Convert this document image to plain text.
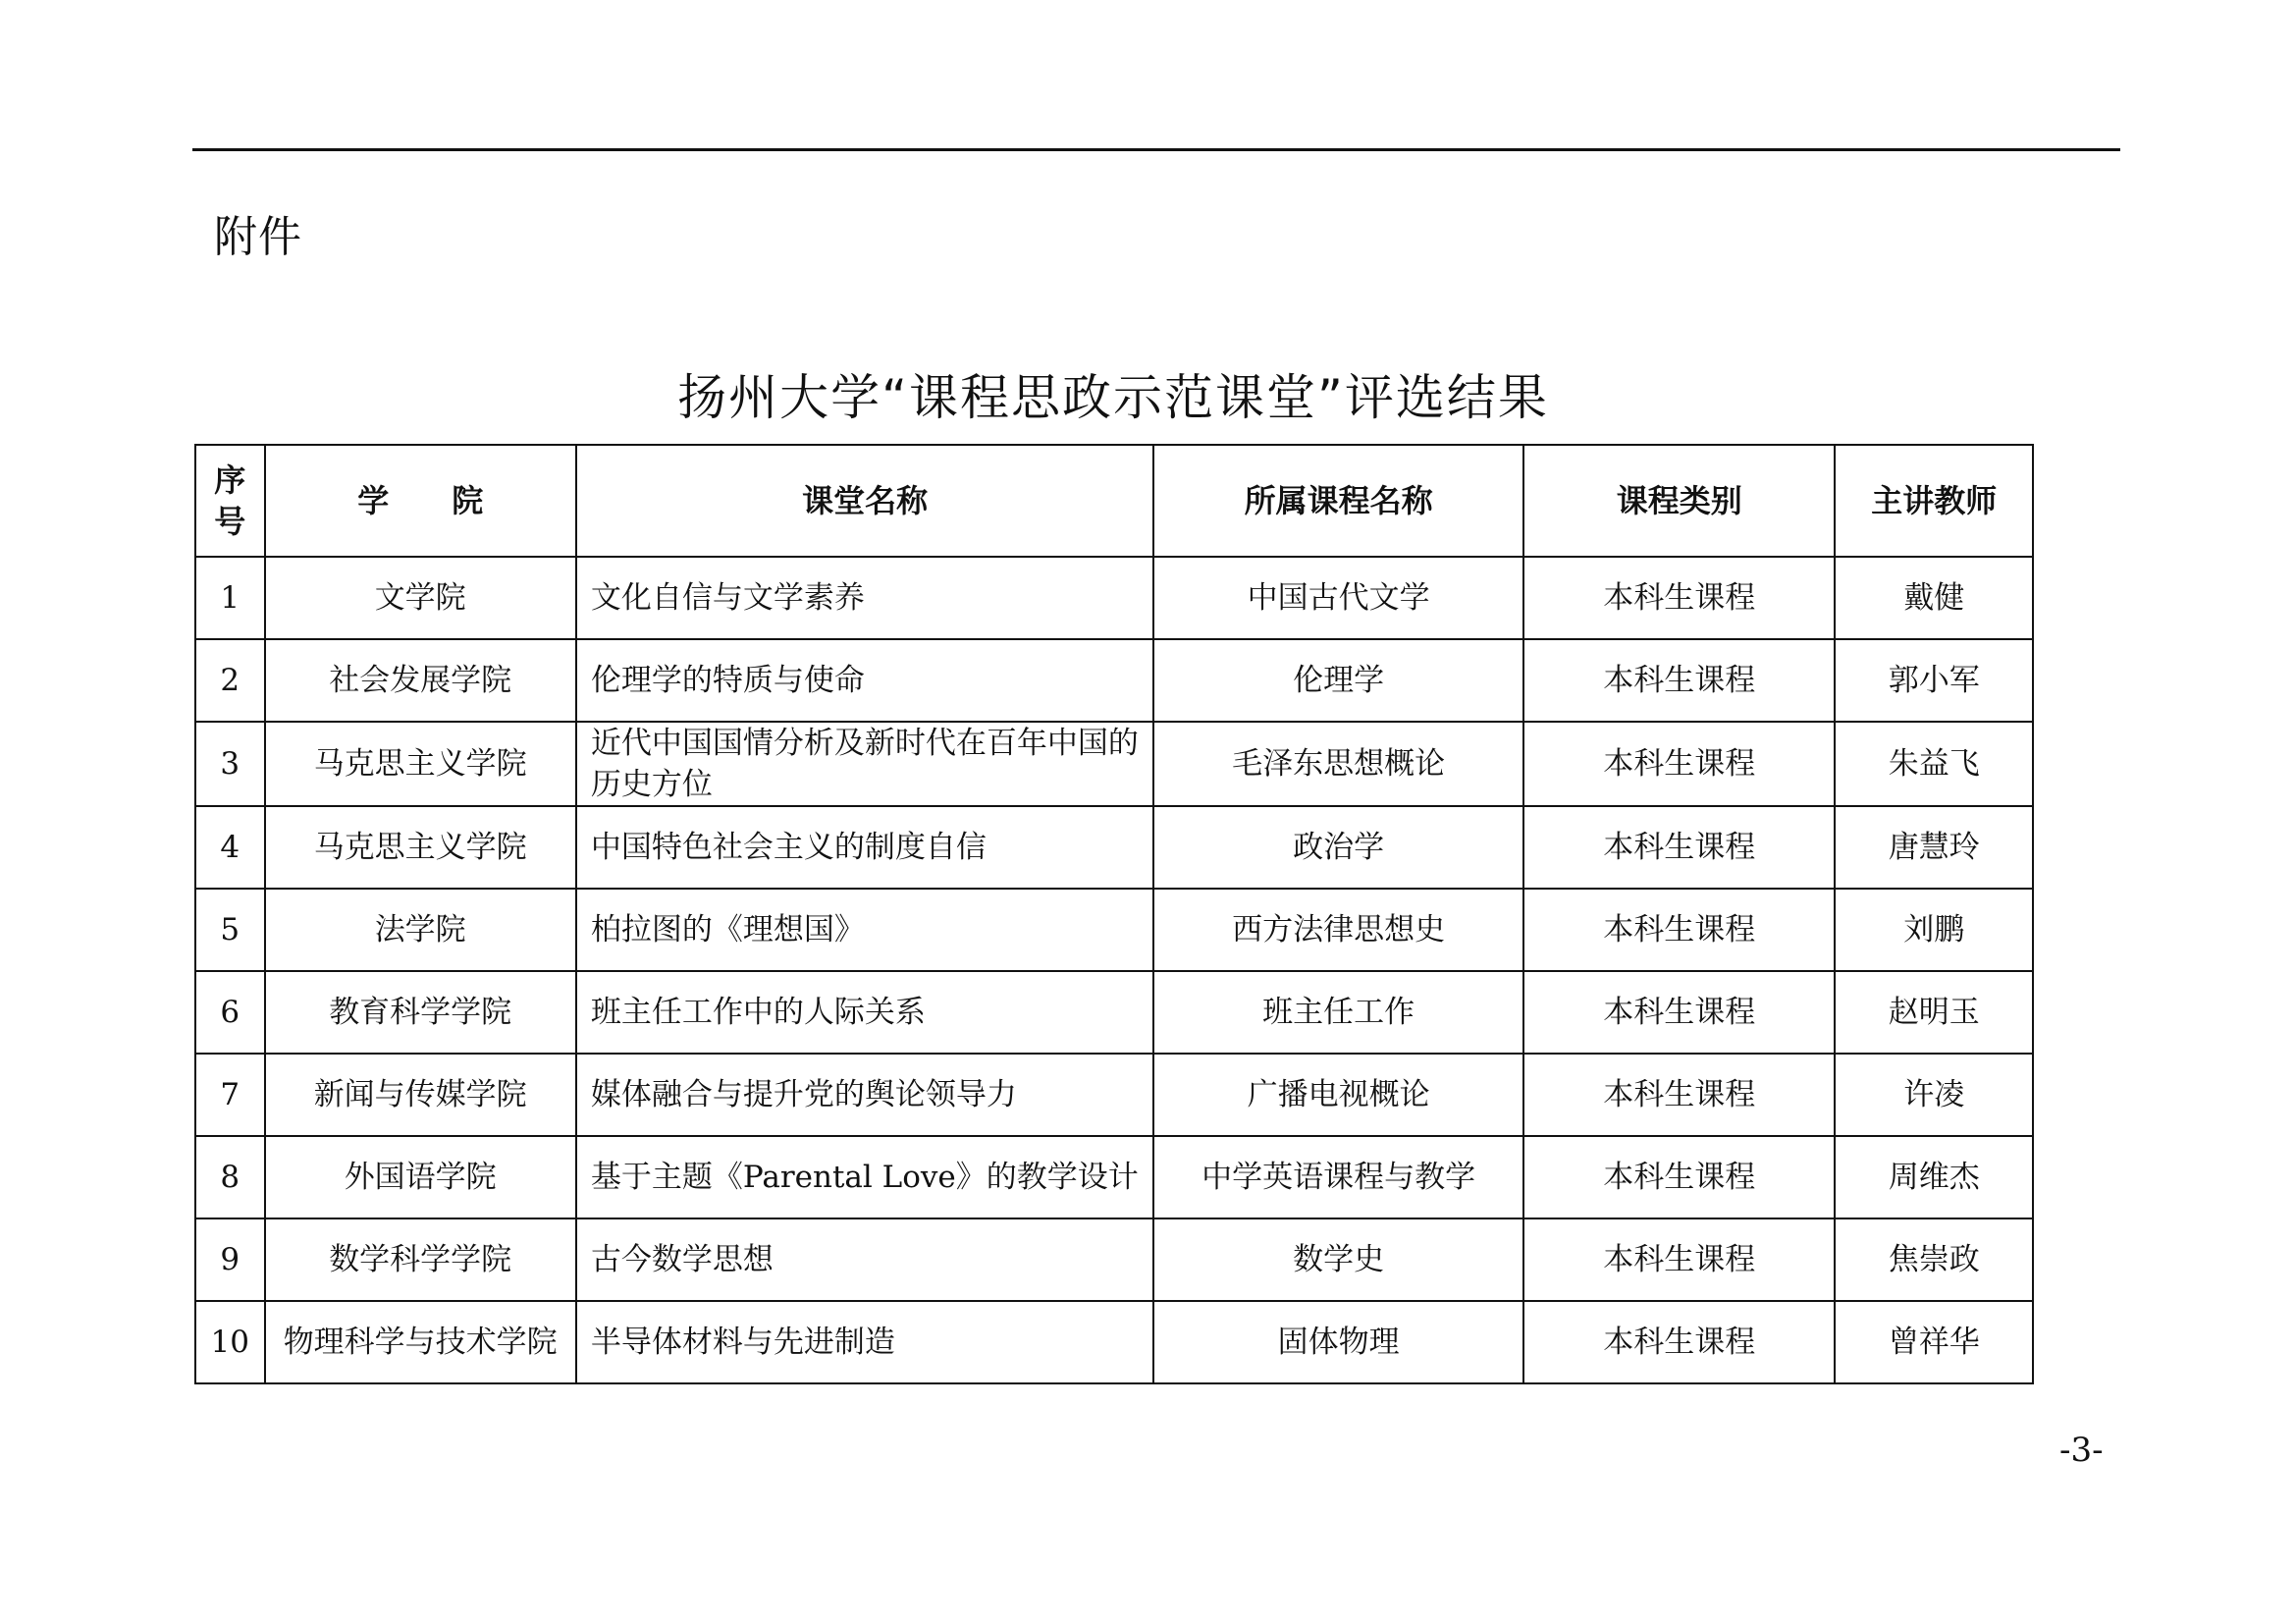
附件
扬州大学“课程思政示范课堂”评选结果
序
号	学　　院	课堂名称	所属课程名称	课程类别	主讲教师
1	文学院	文化自信与文学素养	中国古代文学	本科生课程	戴健
2	社会发展学院	伦理学的特质与使命	伦理学	本科生课程	郭小军
3	马克思主义学院	近代中国国情分析及新时代在百年中国的历史方位	毛泽东思想概论	本科生课程	朱益飞
4	马克思主义学院	中国特色社会主义的制度自信	政治学	本科生课程	唐慧玲
5	法学院	柏拉图的《理想国》	西方法律思想史	本科生课程	刘鹏
6	教育科学学院	班主任工作中的人际关系	班主任工作	本科生课程	赵明玉
7	新闻与传媒学院	媒体融合与提升党的舆论领导力	广播电视概论	本科生课程	许凌
8	外国语学院	基于主题《Parental Love》的教学设计	中学英语课程与教学	本科生课程	周维杰
9	数学科学学院	古今数学思想	数学史	本科生课程	焦崇政
10	物理科学与技术学院	半导体材料与先进制造	固体物理	本科生课程	曾祥华
-3-
